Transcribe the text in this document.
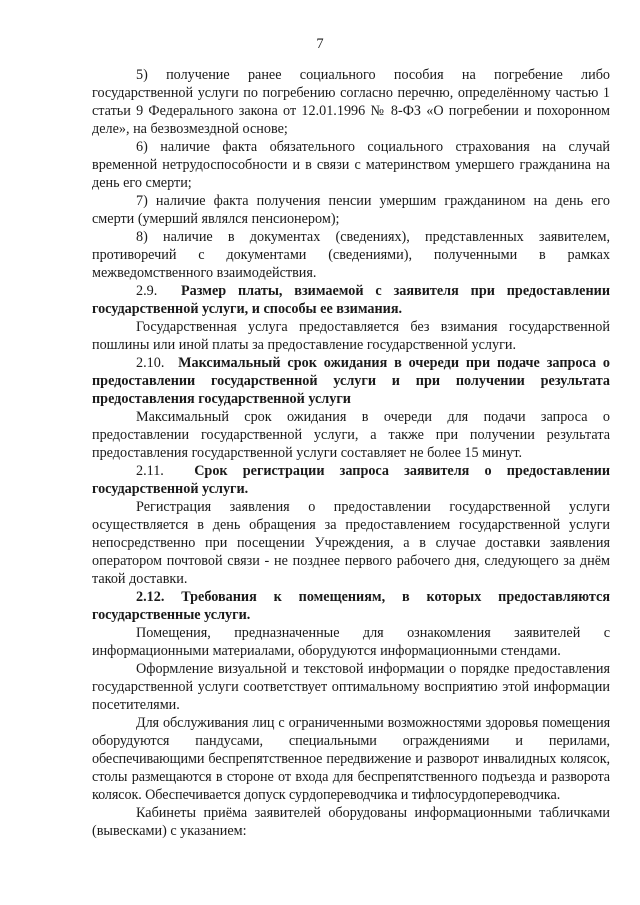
7

5) получение ранее социального пособия на погребение либо государственной услуги по погребению согласно перечню, определённому частью 1 статьи 9 Федерального закона от 12.01.1996 № 8-ФЗ «О погребении и похоронном деле», на безвозмездной основе;

6) наличие факта обязательного социального страхования на случай временной нетрудоспособности и в связи с материнством умершего гражданина на день его смерти;

7) наличие факта получения пенсии умершим гражданином на день его смерти (умерший являлся пенсионером);

8) наличие в документах (сведениях), представленных заявителем, противоречий с документами (сведениями), полученными в рамках межведомственного взаимодействия.

2.9. Размер платы, взимаемой с заявителя при предоставлении государственной услуги, и способы ее взимания.

Государственная услуга предоставляется без взимания государственной пошлины или иной платы за предоставление государственной услуги.

2.10. Максимальный срок ожидания в очереди при подаче запроса о предоставлении государственной услуги и при получении результата предоставления государственной услуги

Максимальный срок ожидания в очереди для подачи запроса о предоставлении государственной услуги, а также при получении результата предоставления государственной услуги составляет не более 15 минут.

2.11. Срок регистрации запроса заявителя о предоставлении государственной услуги.

Регистрация заявления о предоставлении государственной услуги осуществляется в день обращения за предоставлением государственной услуги непосредственно при посещении Учреждения, а в случае доставки заявления оператором почтовой связи - не позднее первого рабочего дня, следующего за днём такой доставки.

2.12. Требования к помещениям, в которых предоставляются государственные услуги.

Помещения, предназначенные для ознакомления заявителей с информационными материалами, оборудуются информационными стендами.

Оформление визуальной и текстовой информации о порядке предоставления государственной услуги соответствует оптимальному восприятию этой информации посетителями.

Для обслуживания лиц с ограниченными возможностями здоровья помещения оборудуются пандусами, специальными ограждениями и перилами, обеспечивающими беспрепятственное передвижение и разворот инвалидных колясок, столы размещаются в стороне от входа для беспрепятственного подъезда и разворота колясок. Обеспечивается допуск сурдопереводчика и тифлосурдопереводчика.

Кабинеты приёма заявителей оборудованы информационными табличками (вывесками) с указанием:
